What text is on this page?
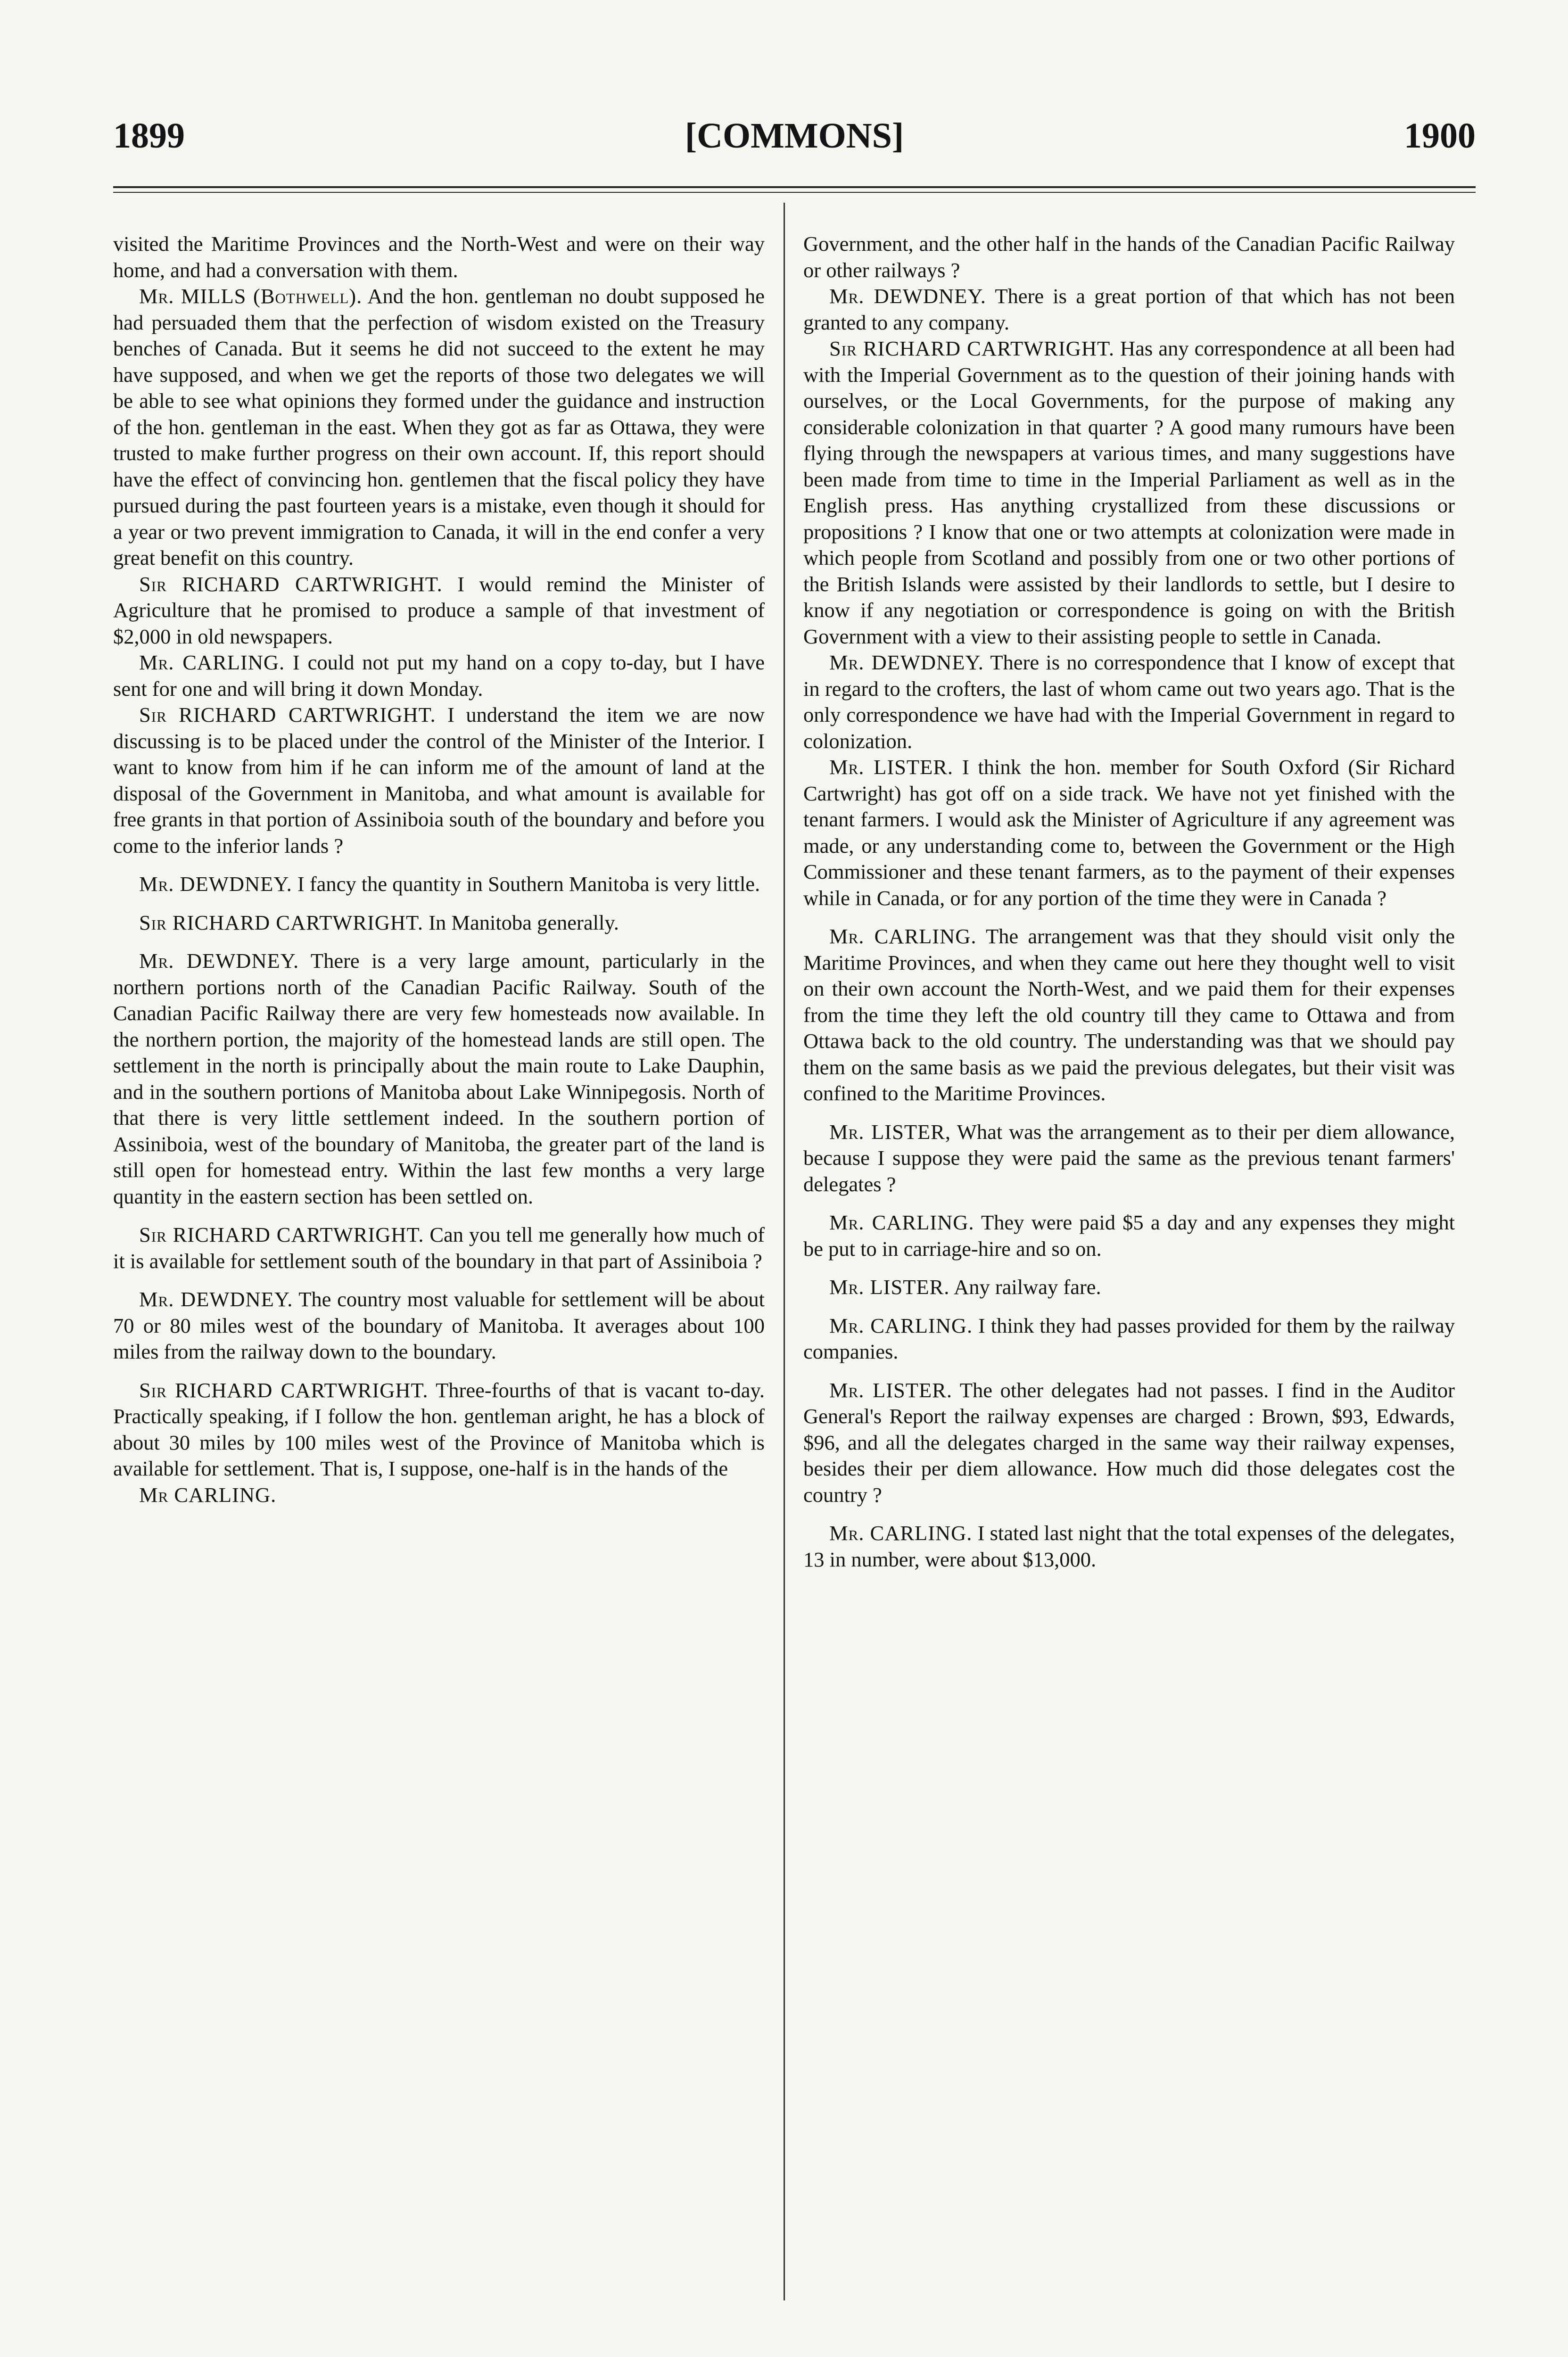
1899	[COMMONS]	1900

visited the Maritime Provinces and the North-West and were on their way home, and had a conversation with them.

Mr. MILLS (Bothwell). And the hon. gentleman no doubt supposed he had persuaded them that the perfection of wisdom existed on the Treasury benches of Canada. But it seems he did not succeed to the extent he may have supposed, and when we get the reports of those two delegates we will be able to see what opinions they formed under the guidance and instruction of the hon. gentleman in the east. When they got as far as Ottawa, they were trusted to make further progress on their own account. If, this report should have the effect of convincing hon. gentlemen that the fiscal policy they have pursued during the past fourteen years is a mistake, even though it should for a year or two prevent immigration to Canada, it will in the end confer a very great benefit on this country.

Sir RICHARD CARTWRIGHT. I would remind the Minister of Agriculture that he promised to produce a sample of that investment of $2,000 in old newspapers.

Mr. CARLING. I could not put my hand on a copy to-day, but I have sent for one and will bring it down Monday.

Sir RICHARD CARTWRIGHT. I understand the item we are now discussing is to be placed under the control of the Minister of the Interior. I want to know from him if he can inform me of the amount of land at the disposal of the Government in Manitoba, and what amount is available for free grants in that portion of Assiniboia south of the boundary and before you come to the inferior lands ?

Mr. DEWDNEY. I fancy the quantity in Southern Manitoba is very little.

Sir RICHARD CARTWRIGHT. In Manitoba generally.

Mr. DEWDNEY. There is a very large amount, particularly in the northern portions north of the Canadian Pacific Railway. South of the Canadian Pacific Railway there are very few homesteads now available. In the northern portion, the majority of the homestead lands are still open. The settlement in the north is principally about the main route to Lake Dauphin, and in the southern portions of Manitoba about Lake Winnipegosis. North of that there is very little settlement indeed. In the southern portion of Assiniboia, west of the boundary of Manitoba, the greater part of the land is still open for homestead entry. Within the last few months a very large quantity in the eastern section has been settled on.

Sir RICHARD CARTWRIGHT. Can you tell me generally how much of it is available for settlement south of the boundary in that part of Assiniboia ?

Mr. DEWDNEY. The country most valuable for settlement will be about 70 or 80 miles west of the boundary of Manitoba. It averages about 100 miles from the railway down to the boundary.

Sir RICHARD CARTWRIGHT. Three-fourths of that is vacant to-day. Practically speaking, if I follow the hon. gentleman aright, he has a block of about 30 miles by 100 miles west of the Province of Manitoba which is available for settlement. That is, I suppose, one-half is in the hands of the

Mr CARLING.

Government, and the other half in the hands of the Canadian Pacific Railway or other railways ?

Mr. DEWDNEY. There is a great portion of that which has not been granted to any company.

Sir RICHARD CARTWRIGHT. Has any correspondence at all been had with the Imperial Government as to the question of their joining hands with ourselves, or the Local Governments, for the purpose of making any considerable colonization in that quarter ? A good many rumours have been flying through the newspapers at various times, and many suggestions have been made from time to time in the Imperial Parliament as well as in the English press. Has anything crystallized from these discussions or propositions ? I know that one or two attempts at colonization were made in which people from Scotland and possibly from one or two other portions of the British Islands were assisted by their landlords to settle, but I desire to know if any negotiation or correspondence is going on with the British Government with a view to their assisting people to settle in Canada.

Mr. DEWDNEY. There is no correspondence that I know of except that in regard to the crofters, the last of whom came out two years ago. That is the only correspondence we have had with the Imperial Government in regard to colonization.

Mr. LISTER. I think the hon. member for South Oxford (Sir Richard Cartwright) has got off on a side track. We have not yet finished with the tenant farmers. I would ask the Minister of Agriculture if any agreement was made, or any understanding come to, between the Government or the High Commissioner and these tenant farmers, as to the payment of their expenses while in Canada, or for any portion of the time they were in Canada ?

Mr. CARLING. The arrangement was that they should visit only the Maritime Provinces, and when they came out here they thought well to visit on their own account the North-West, and we paid them for their expenses from the time they left the old country till they came to Ottawa and from Ottawa back to the old country. The understanding was that we should pay them on the same basis as we paid the previous delegates, but their visit was confined to the Maritime Provinces.

Mr. LISTER, What was the arrangement as to their per diem allowance, because I suppose they were paid the same as the previous tenant farmers' delegates ?

Mr. CARLING. They were paid $5 a day and any expenses they might be put to in carriage-hire and so on.

Mr. LISTER. Any railway fare.

Mr. CARLING. I think they had passes provided for them by the railway companies.

Mr. LISTER. The other delegates had not passes. I find in the Auditor General's Report the railway expenses are charged : Brown, $93, Edwards, $96, and all the delegates charged in the same way their railway expenses, besides their per diem allowance. How much did those delegates cost the country ?

Mr. CARLING. I stated last night that the total expenses of the delegates, 13 in number, were about $13,000.
